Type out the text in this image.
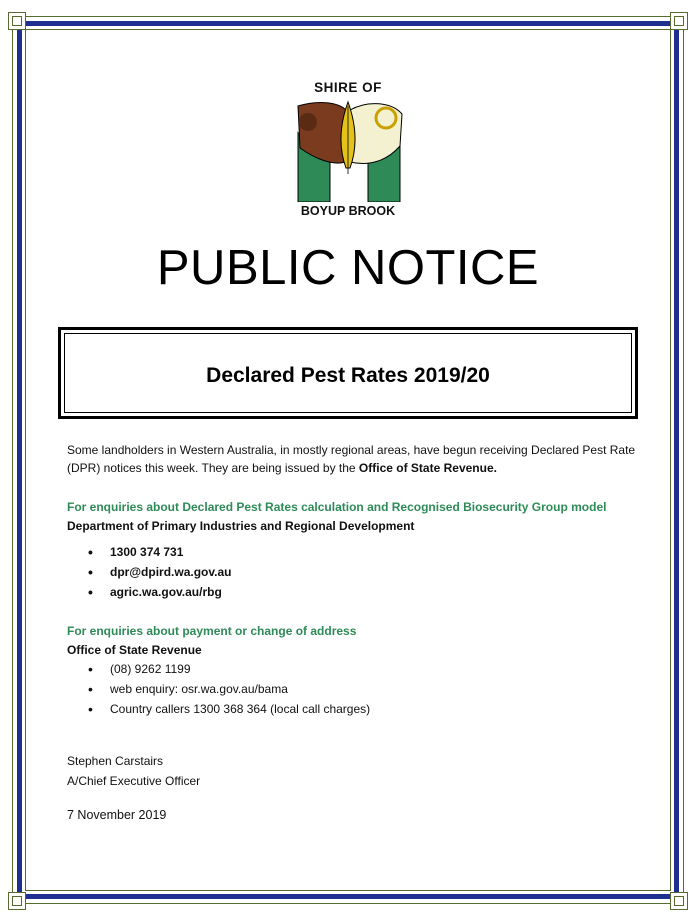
SHIRE OF
BOYUP BROOK
PUBLIC NOTICE
Declared Pest Rates 2019/20
Some landholders in Western Australia, in mostly regional areas, have begun receiving Declared Pest Rate (DPR) notices this week. They are being issued by the Office of State Revenue.
For enquiries about Declared Pest Rates calculation and Recognised Biosecurity Group model
Department of Primary Industries and Regional Development
• 1300 374 731
• dpr@dpird.wa.gov.au
• agric.wa.gov.au/rbg
For enquiries about payment or change of address
Office of State Revenue
• (08) 9262 1199
• web enquiry: osr.wa.gov.au/bama
• Country callers 1300 368 364 (local call charges)
Stephen Carstairs
A/Chief Executive Officer
7 November 2019
